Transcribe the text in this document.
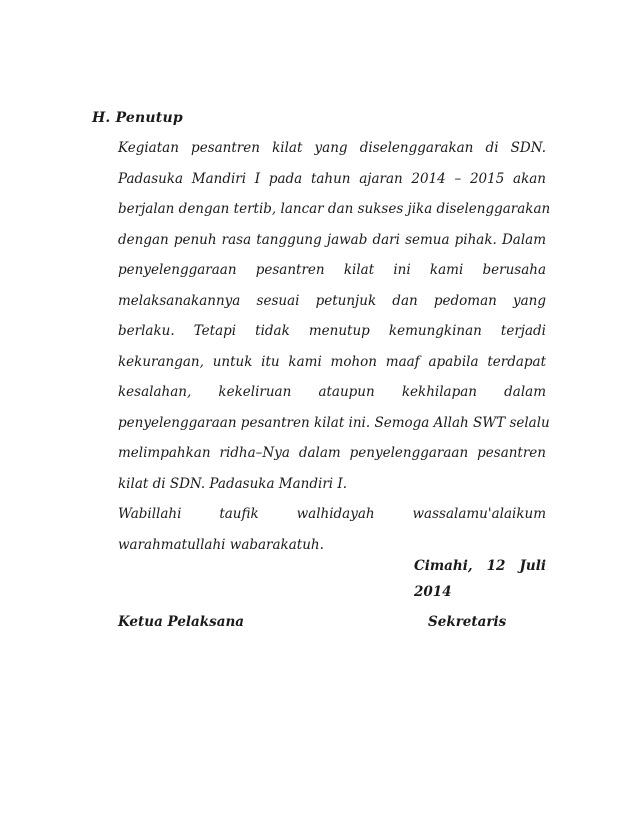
H. Penutup
Kegiatan pesantren kilat yang diselenggarakan di SDN.
Padasuka Mandiri I pada tahun ajaran 2014 – 2015 akan
berjalan dengan tertib, lancar dan sukses jika diselenggarakan
dengan penuh rasa tanggung jawab dari semua pihak. Dalam
penyelenggaraan pesantren kilat ini kami berusaha
melaksanakannya sesuai petunjuk dan pedoman yang
berlaku. Tetapi tidak menutup kemungkinan terjadi
kekurangan, untuk itu kami mohon maaf apabila terdapat
kesalahan, kekeliruan ataupun kekhilapan dalam
penyelenggaraan pesantren kilat ini. Semoga Allah SWT selalu
melimpahkan ridha–Nya dalam penyelenggaraan pesantren
kilat di SDN. Padasuka Mandiri I.
Wabillahi taufik walhidayah wassalamu'alaikum
warahmatullahi wabarakatuh.
Cimahi, 12 Juli
2014
Ketua Pelaksana	Sekretaris
